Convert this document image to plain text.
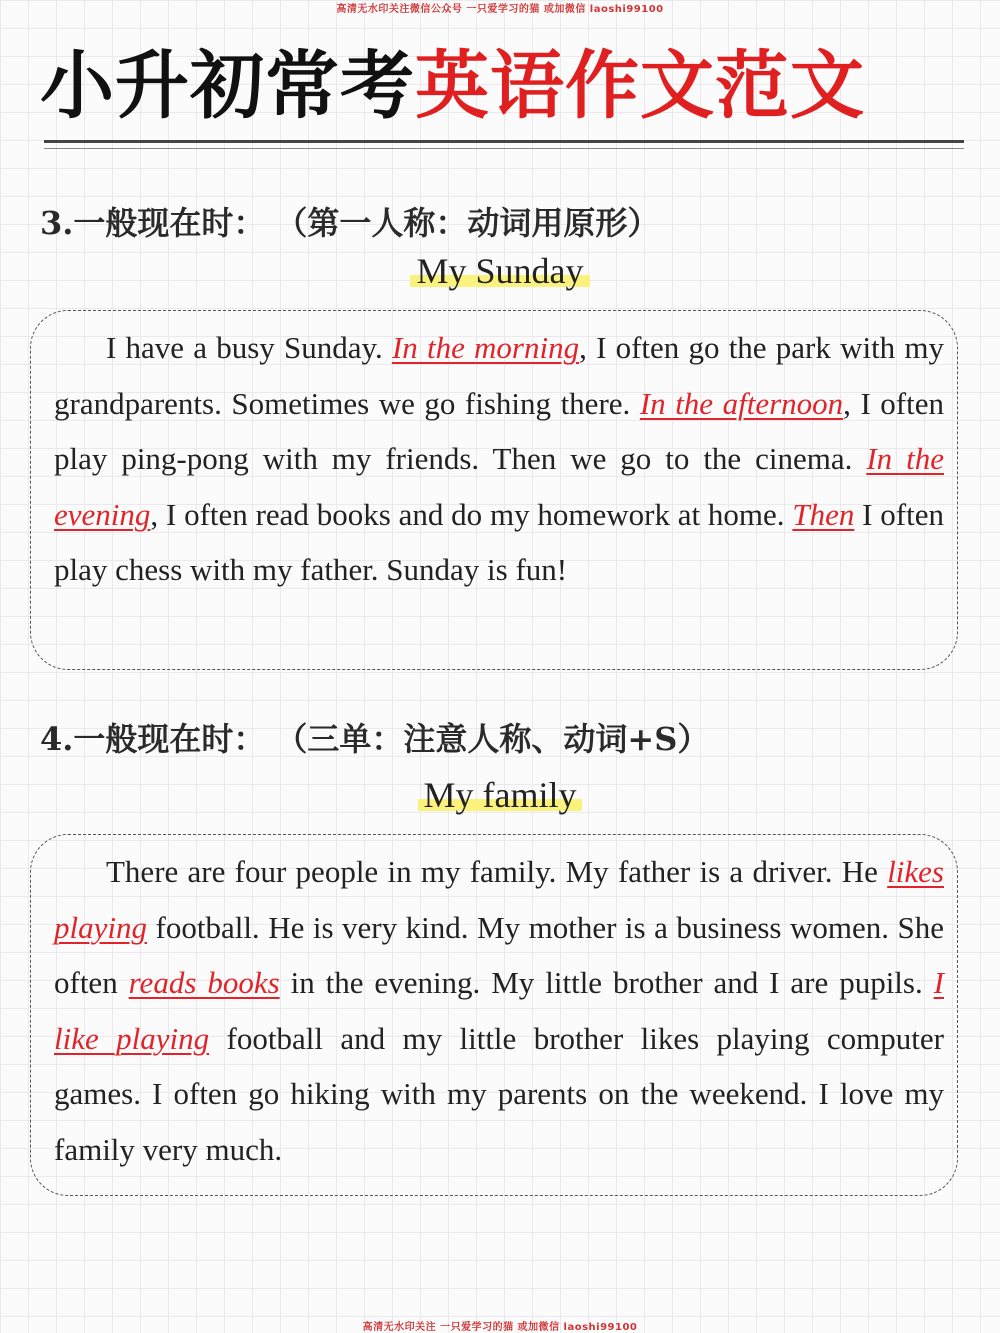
高清无水印关注微信公众号 一只爱学习的猫 或加微信 laoshi99100
小升初常考英语作文范文
3.一般现在时： （第一人称：动词用原形）
My Sunday
I have a busy Sunday. In the morning, I often go the park with my grandparents. Sometimes we go fishing there. In the afternoon, I often play ping-pong with my friends. Then we go to the cinema. In the evening, I often read books and do my homework at home. Then I often play chess with my father. Sunday is fun!
4.一般现在时： （三单：注意人称、动词+S）
My family
There are four people in my family. My father is a driver. He likes playing football. He is very kind. My mother is a business women. She often reads books in the evening. My little brother and I are pupils. I like playing football and my little brother likes playing computer games. I often go hiking with my parents on the weekend. I love my family very much.
高清无水印关注 一只爱学习的猫 或加微信 laoshi99100
